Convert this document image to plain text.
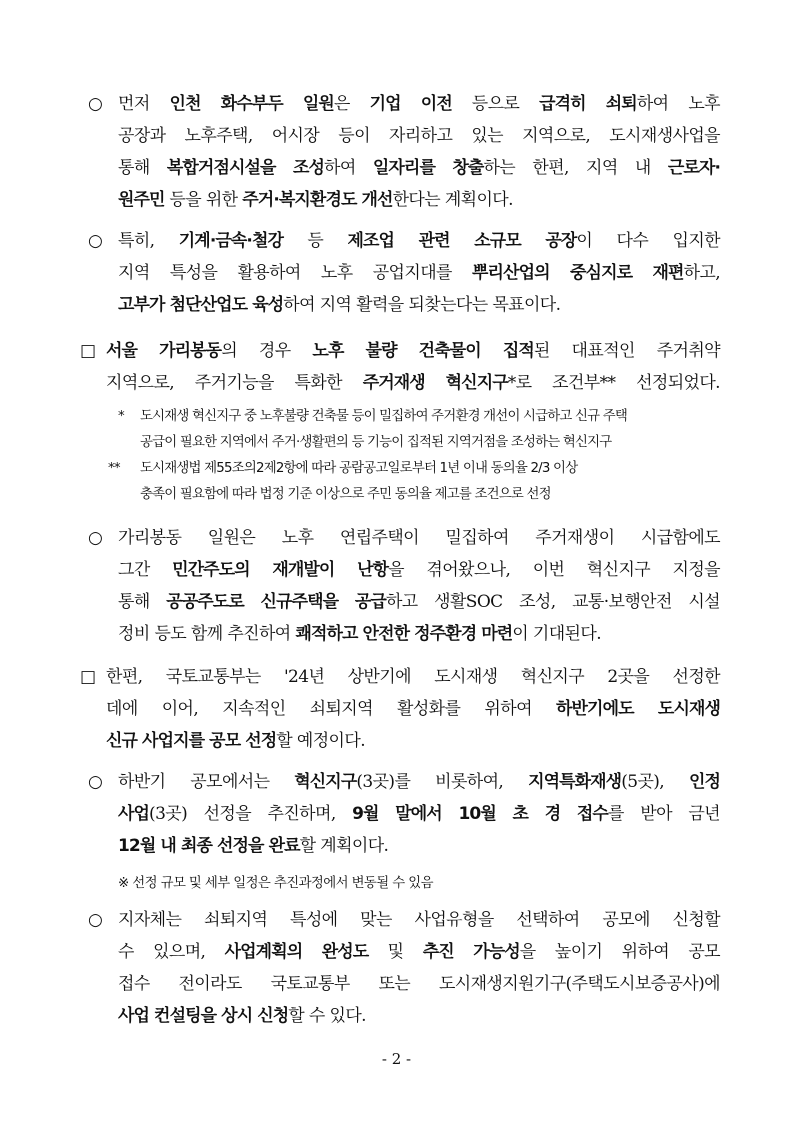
○ 먼저 인천 화수부두 일원은 기업 이전 등으로 급격히 쇠퇴하여 노후
공장과 노후주택, 어시장 등이 자리하고 있는 지역으로, 도시재생사업을
통해 복합거점시설을 조성하여 일자리를 창출하는 한편, 지역 내 근로자·
원주민 등을 위한 주거·복지환경도 개선한다는 계획이다.
○ 특히, 기계·금속·철강 등 제조업 관련 소규모 공장이 다수 입지한
지역 특성을 활용하여 노후 공업지대를 뿌리산업의 중심지로 재편하고,
고부가 첨단산업도 육성하여 지역 활력을 되찾는다는 목표이다.
□ 서울 가리봉동의 경우 노후 불량 건축물이 집적된 대표적인 주거취약
지역으로, 주거기능을 특화한 주거재생 혁신지구*로 조건부** 선정되었다.
* 도시재생 혁신지구 중 노후불량 건축물 등이 밀집하여 주거환경 개선이 시급하고 신규 주택
공급이 필요한 지역에서 주거·생활편의 등 기능이 집적된 지역거점을 조성하는 혁신지구
** 도시재생법 제55조의2제2항에 따라 공람공고일로부터 1년 이내 동의율 2/3 이상
충족이 필요함에 따라 법정 기준 이상으로 주민 동의율 제고를 조건으로 선정
○ 가리봉동 일원은 노후 연립주택이 밀집하여 주거재생이 시급함에도
그간 민간주도의 재개발이 난항을 겪어왔으나, 이번 혁신지구 지정을
통해 공공주도로 신규주택을 공급하고 생활SOC 조성, 교통·보행안전 시설
정비 등도 함께 추진하여 쾌적하고 안전한 정주환경 마련이 기대된다.
□ 한편, 국토교통부는 '24년 상반기에 도시재생 혁신지구 2곳을 선정한
데에 이어, 지속적인 쇠퇴지역 활성화를 위하여 하반기에도 도시재생
신규 사업지를 공모 선정할 예정이다.
○ 하반기 공모에서는 혁신지구(3곳)를 비롯하여, 지역특화재생(5곳), 인정
사업(3곳) 선정을 추진하며, 9월 말에서 10월 초 경 접수를 받아 금년
12월 내 최종 선정을 완료할 계획이다.
※ 선정 규모 및 세부 일정은 추진과정에서 변동될 수 있음
○ 지자체는 쇠퇴지역 특성에 맞는 사업유형을 선택하여 공모에 신청할
수 있으며, 사업계획의 완성도 및 추진 가능성을 높이기 위하여 공모
접수 전이라도 국토교통부 또는 도시재생지원기구(주택도시보증공사)에
사업 컨설팅을 상시 신청할 수 있다.
- 2 -
